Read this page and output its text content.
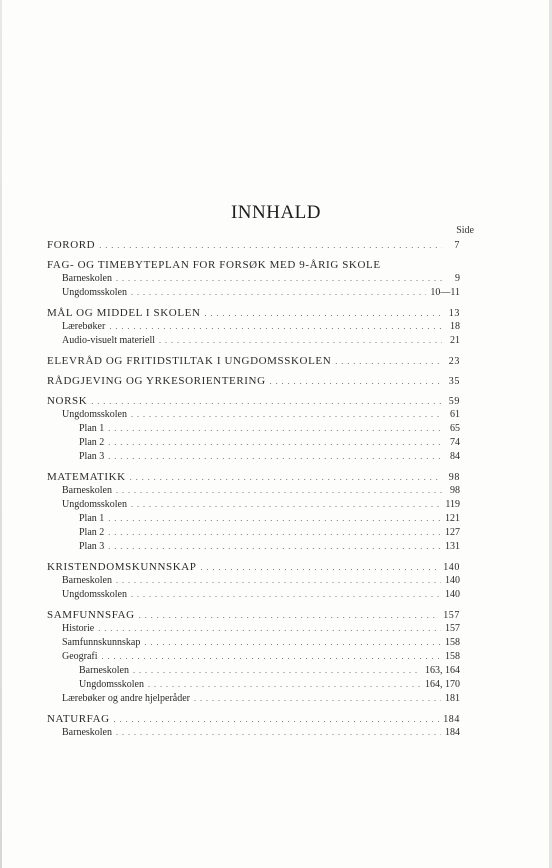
INNHALD
Side
FORORD . . .	7
FAG- OG TIMEBYTEPLAN FOR FORSØK MED 9-ÅRIG SKOLE
Barneskolen . . .	9
Ungdomsskolen . . .	10—11
MÅL OG MIDDEL I SKOLEN . . .	13
Lærebøker . . .	18
Audio-visuelt materiell . . .	21
ELEVRÅD OG FRITIDSTILTAK I UNGDOMSSKOLEN . . .	23
RÅDGJEVING OG YRKESORIENTERING . . .	35
NORSK . . .	59
Ungdomsskolen . . .	61
Plan 1 . . .	65
Plan 2 . . .	74
Plan 3 . . .	84
MATEMATIKK . . .	98
Barneskolen . . .	98
Ungdomsskolen . . .	119
Plan 1 . . .	121
Plan 2 . . .	127
Plan 3 . . .	131
KRISTENDOMSKUNNSKAP . . .	140
Barneskolen . . .	140
Ungdomsskolen . . .	140
SAMFUNNSFAG . . .	157
Historie . . .	157
Samfunnskunnskap . . .	158
Geografi . . .	158
Barneskolen . . .	163, 164
Ungdomsskolen . . .	164, 170
Lærebøker og andre hjelperåder . . .	181
NATURFAG . . .	184
Barneskolen . . .	184
